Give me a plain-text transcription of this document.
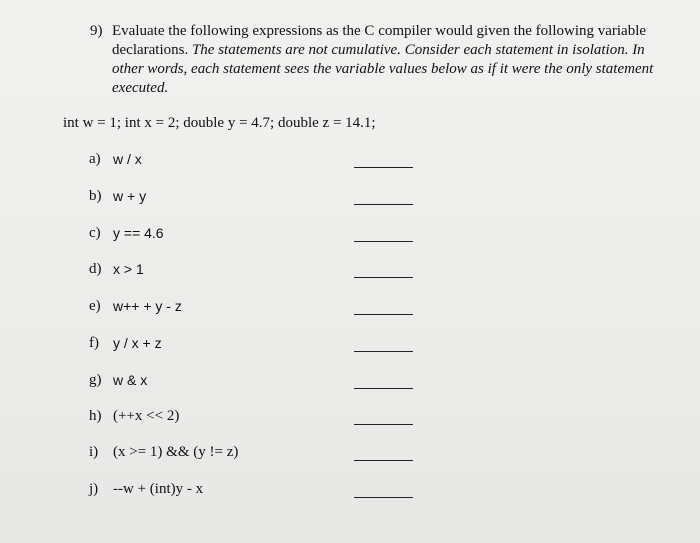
9) Evaluate the following expressions as the C compiler would given the following variable declarations. The statements are not cumulative. Consider each statement in isolation. In other words, each statement sees the variable values below as if it were the only statement executed.
int w = 1; int x = 2; double y = 4.7; double z = 14.1;
a) w / x
b) w + y
c) y == 4.6
d) x > 1
e) w++ + y - z
f) y / x + z
g) w & x
h) (++x << 2)
i) (x >= 1) && (y != z)
j) --w + (int)y - x
